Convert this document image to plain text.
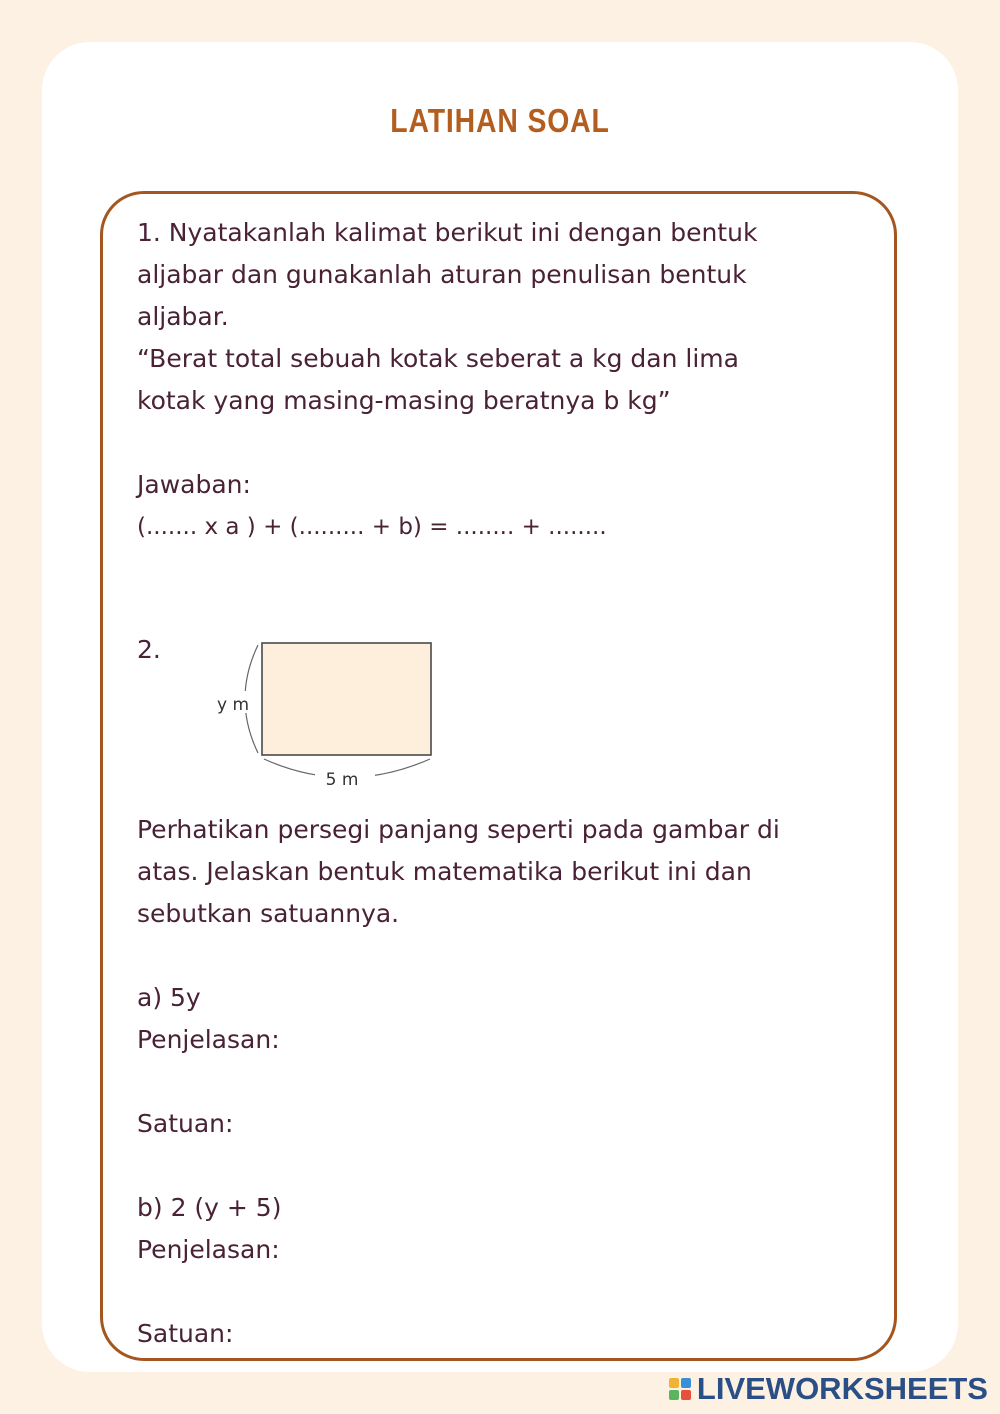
LATIHAN SOAL

1. Nyatakanlah kalimat berikut ini dengan bentuk

aljabar dan gunakanlah aturan penulisan bentuk

aljabar.

“Berat total sebuah kotak seberat a kg dan lima

kotak yang masing-masing beratnya b kg”

Jawaban:

(....... x a ) + (......... + b) = ........ + ........

2.
y m
5 m

Perhatikan persegi panjang seperti pada gambar di

atas. Jelaskan bentuk matematika berikut ini dan

sebutkan satuannya.

a) 5y

Penjelasan:

Satuan:

b) 2 (y + 5)

Penjelasan:

Satuan:

LIVEWORKSHEETS
